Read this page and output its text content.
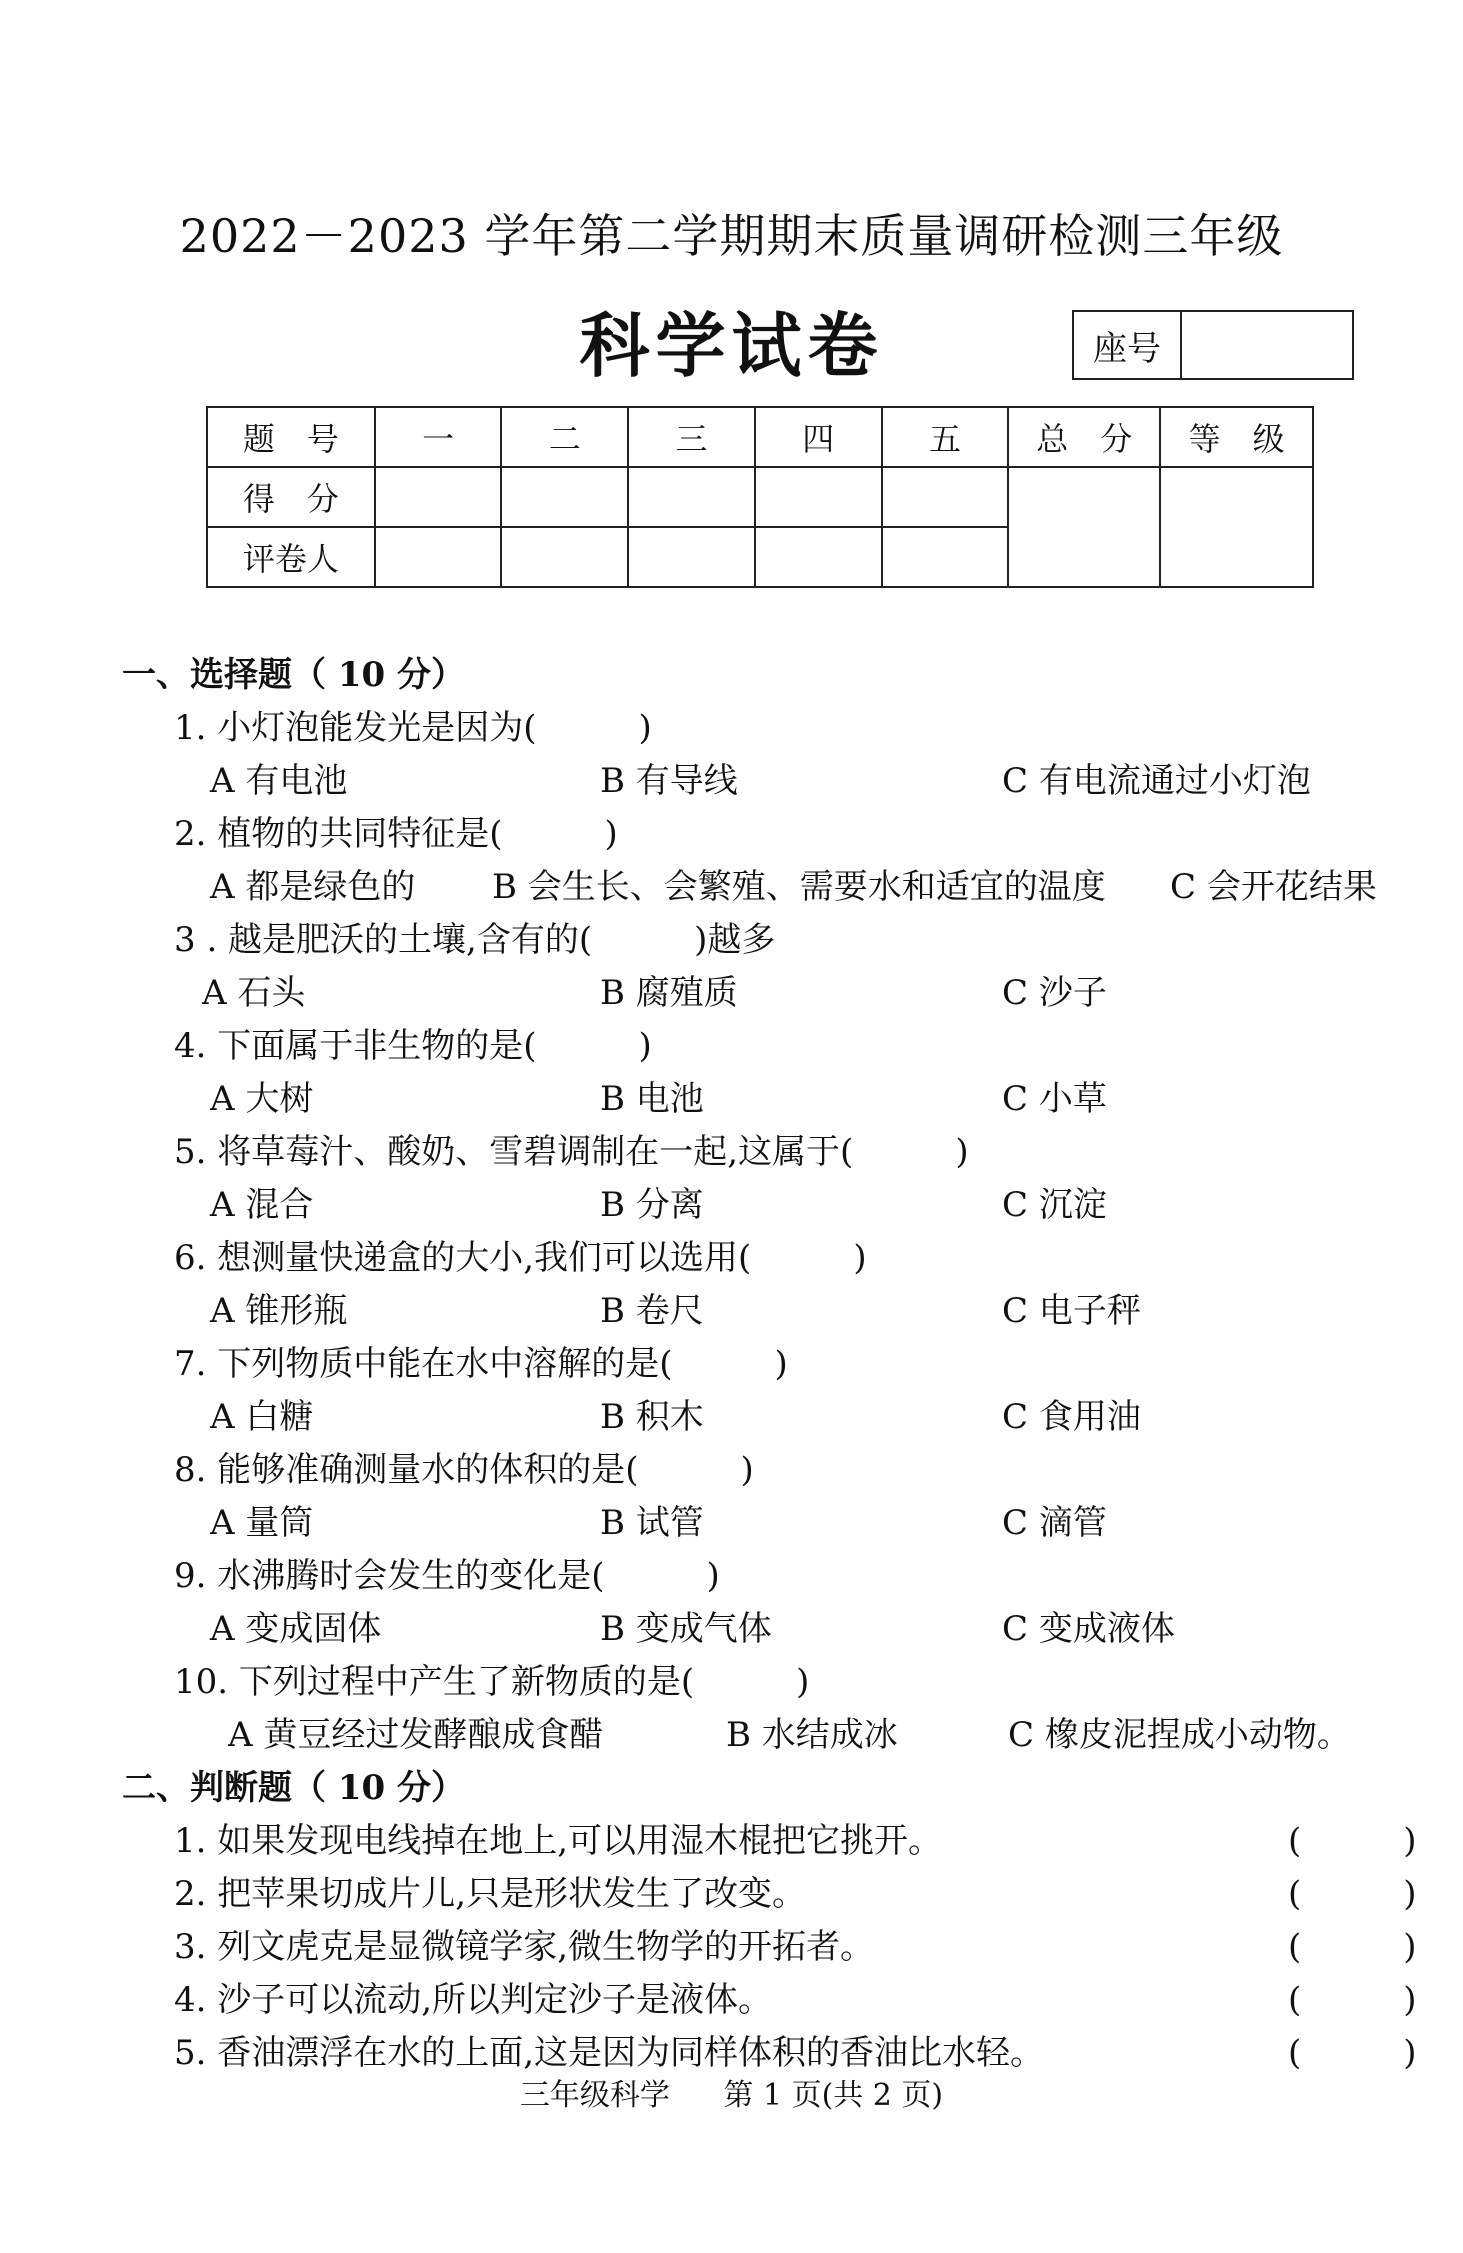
2022－2023 学年第二学期期末质量调研检测三年级
科学试卷	座号
题　号	一	二	三	四	五	总　分	等　级
得　分							
评卷人							
一、选择题（ 10 分）
1. 小灯泡能发光是因为(　　　)
A 有电池	B 有导线	C 有电流通过小灯泡
2. 植物的共同特征是(　　　)
A 都是绿色的 B 会生长、会繁殖、需要水和适宜的温度 C 会开花结果
3 . 越是肥沃的土壤,含有的(　　　)越多
A 石头	B 腐殖质	C 沙子
4. 下面属于非生物的是(　　　)
A 大树	B 电池	C 小草
5. 将草莓汁、酸奶、雪碧调制在一起,这属于(　　　)
A 混合	B 分离	C 沉淀
6. 想测量快递盒的大小,我们可以选用(　　　)
A 锥形瓶	B 卷尺	C 电子秤
7. 下列物质中能在水中溶解的是(　　　)
A 白糖	B 积木	C 食用油
8. 能够准确测量水的体积的是(　　　)
A 量筒	B 试管	C 滴管
9. 水沸腾时会发生的变化是(　　　)
A 变成固体	B 变成气体	C 变成液体
10. 下列过程中产生了新物质的是(　　　)
A 黄豆经过发酵酿成食醋	B 水结成冰	C 橡皮泥捏成小动物。
二、判断题（ 10 分）
1. 如果发现电线掉在地上,可以用湿木棍把它挑开。	(　　　)
2. 把苹果切成片儿,只是形状发生了改变。	(　　　)
3. 列文虎克是显微镜学家,微生物学的开拓者。	(　　　)
4. 沙子可以流动,所以判定沙子是液体。	(　　　)
5. 香油漂浮在水的上面,这是因为同样体积的香油比水轻。	(　　　)
三年级科学 第 1 页(共 2 页)
